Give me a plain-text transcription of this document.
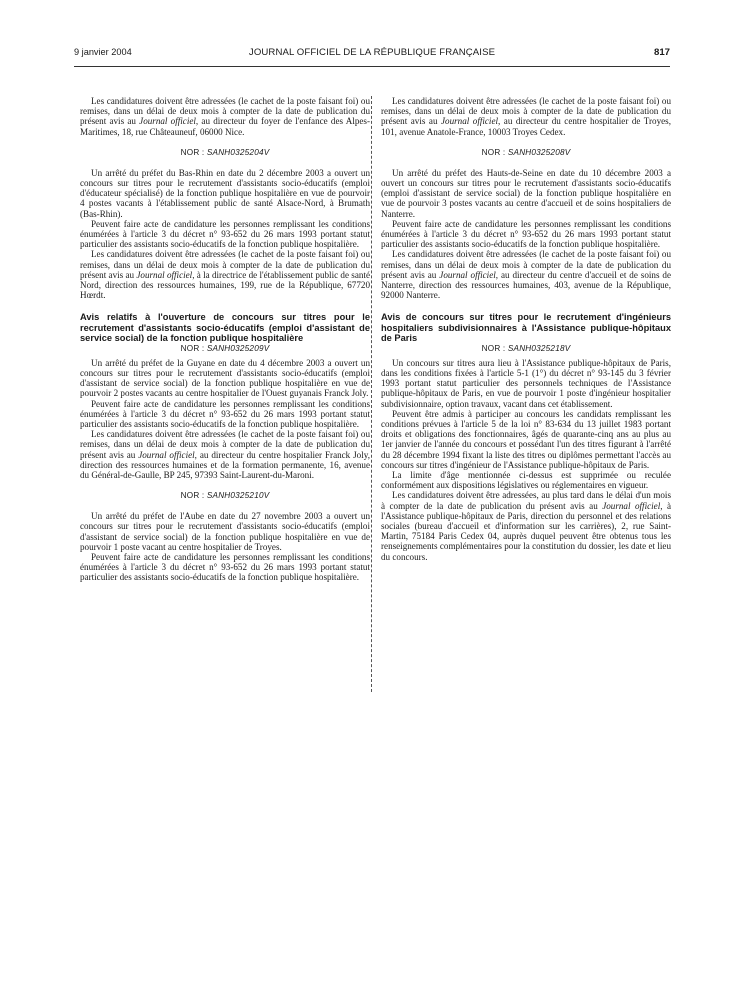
9 janvier 2004	JOURNAL OFFICIEL DE LA RÉPUBLIQUE FRANÇAISE	817

Les candidatures doivent être adressées (le cachet de la poste faisant foi) ou remises, dans un délai de deux mois à compter de la date de publication du présent avis au Journal officiel, au directeur du foyer de l'enfance des Alpes-Maritimes, 18, rue Châteauneuf, 06000 Nice.

NOR : SANH0325204V

Un arrêté du préfet du Bas-Rhin en date du 2 décembre 2003 a ouvert un concours sur titres pour le recrutement d'assistants socio-éducatifs (emploi d'éducateur spécialisé) de la fonction publique hospitalière en vue de pourvoir 4 postes vacants à l'établissement public de santé Alsace-Nord, à Brumath (Bas-Rhin).

Peuvent faire acte de candidature les personnes remplissant les conditions énumérées à l'article 3 du décret n° 93-652 du 26 mars 1993 portant statut particulier des assistants socio-éducatifs de la fonction publique hospitalière.

Les candidatures doivent être adressées (le cachet de la poste faisant foi) ou remises, dans un délai de deux mois à compter de la date de publication du présent avis au Journal officiel, à la directrice de l'établissement public de santé Nord, direction des ressources humaines, 199, rue de la République, 67720 Hœrdt.

Avis relatifs à l'ouverture de concours sur titres pour le recrutement d'assistants socio-éducatifs (emploi d'assistant de service social) de la fonction publique hospitalière
NOR : SANH0325209V

Un arrêté du préfet de la Guyane en date du 4 décembre 2003 a ouvert un concours sur titres pour le recrutement d'assistants socio-éducatifs (emploi d'assistant de service social) de la fonction publique hospitalière en vue de pourvoir 2 postes vacants au centre hospitalier de l'Ouest guyanais Franck Joly.

Peuvent faire acte de candidature les personnes remplissant les conditions énumérées à l'article 3 du décret n° 93-652 du 26 mars 1993 portant statut particulier des assistants socio-éducatifs de la fonction publique hospitalière.

Les candidatures doivent être adressées (le cachet de la poste faisant foi) ou remises, dans un délai de deux mois à compter de la date de publication du présent avis au Journal officiel, au directeur du centre hospitalier Franck Joly, direction des ressources humaines et de la formation permanente, 16, avenue du Général-de-Gaulle, BP 245, 97393 Saint-Laurent-du-Maroni.

NOR : SANH0325210V

Un arrêté du préfet de l'Aube en date du 27 novembre 2003 a ouvert un concours sur titres pour le recrutement d'assistants socio-éducatifs (emploi d'assistant de service social) de la fonction publique hospitalière en vue de pourvoir 1 poste vacant au centre hospitalier de Troyes.

Peuvent faire acte de candidature les personnes remplissant les conditions énumérées à l'article 3 du décret n° 93-652 du 26 mars 1993 portant statut particulier des assistants socio-éducatifs de la fonction publique hospitalière.

Les candidatures doivent être adressées (le cachet de la poste faisant foi) ou remises, dans un délai de deux mois à compter de la date de publication du présent avis au Journal officiel, au directeur du centre hospitalier de Troyes, 101, avenue Anatole-France, 10003 Troyes Cedex.

NOR : SANH0325208V

Un arrêté du préfet des Hauts-de-Seine en date du 10 décembre 2003 a ouvert un concours sur titres pour le recrutement d'assistants socio-éducatifs (emploi d'assistant de service social) de la fonction publique hospitalière en vue de pourvoir 3 postes vacants au centre d'accueil et de soins hospitaliers de Nanterre.

Peuvent faire acte de candidature les personnes remplissant les conditions énumérées à l'article 3 du décret n° 93-652 du 26 mars 1993 portant statut particulier des assistants socio-éducatifs de la fonction publique hospitalière.

Les candidatures doivent être adressées (le cachet de la poste faisant foi) ou remises, dans un délai de deux mois à compter de la date de publication du présent avis au Journal officiel, au directeur du centre d'accueil et de soins de Nanterre, direction des ressources humaines, 403, avenue de la République, 92000 Nanterre.

Avis de concours sur titres pour le recrutement d'ingénieurs hospitaliers subdivisionnaires à l'Assistance publique-hôpitaux de Paris
NOR : SANH0325218V

Un concours sur titres aura lieu à l'Assistance publique-hôpitaux de Paris, dans les conditions fixées à l'article 5-1 (1°) du décret n° 93-145 du 3 février 1993 portant statut particulier des personnels techniques de l'Assistance publique-hôpitaux de Paris, en vue de pourvoir 1 poste d'ingénieur hospitalier subdivisionnaire, option travaux, vacant dans cet établissement.

Peuvent être admis à participer au concours les candidats remplissant les conditions prévues à l'article 5 de la loi n° 83-634 du 13 juillet 1983 portant droits et obligations des fonctionnaires, âgés de quarante-cinq ans au plus au 1er janvier de l'année du concours et possédant l'un des titres figurant à l'arrêté du 28 décembre 1994 fixant la liste des titres ou diplômes permettant l'accès au concours sur titres d'ingénieur de l'Assistance publique-hôpitaux de Paris.

La limite d'âge mentionnée ci-dessus est supprimée ou reculée conformément aux dispositions législatives ou réglementaires en vigueur.

Les candidatures doivent être adressées, au plus tard dans le délai d'un mois à compter de la date de publication du présent avis au Journal officiel, à l'Assistance publique-hôpitaux de Paris, direction du personnel et des relations sociales (bureau d'accueil et d'information sur les carrières), 2, rue Saint-Martin, 75184 Paris Cedex 04, auprès duquel peuvent être obtenus tous les renseignements complémentaires pour la constitution du dossier, les date et lieu du concours.
